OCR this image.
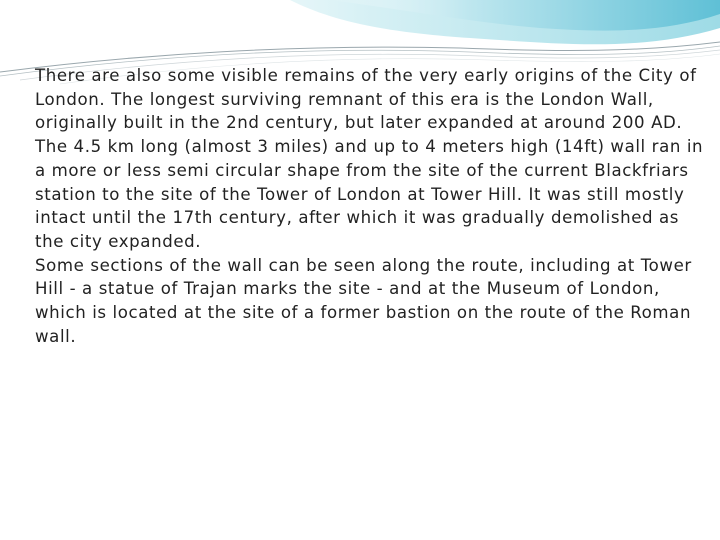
There are also some visible remains of the very early origins of the City of London. The longest surviving remnant of this era is the London Wall, originally built in the 2nd century, but later expanded at around 200 AD. The 4.5 km long (almost 3 miles) and up to 4 meters high (14ft) wall ran in a more or less semi circular shape from the site of the current Blackfriars station to the site of the Tower of London at Tower Hill. It was still mostly intact until the 17th century, after which it was gradually demolished as the city expanded.
Some sections of the wall can be seen along the route, including at Tower Hill - a statue of Trajan marks the site - and at the Museum of London, which is located at the site of a former bastion on the route of the Roman wall.
